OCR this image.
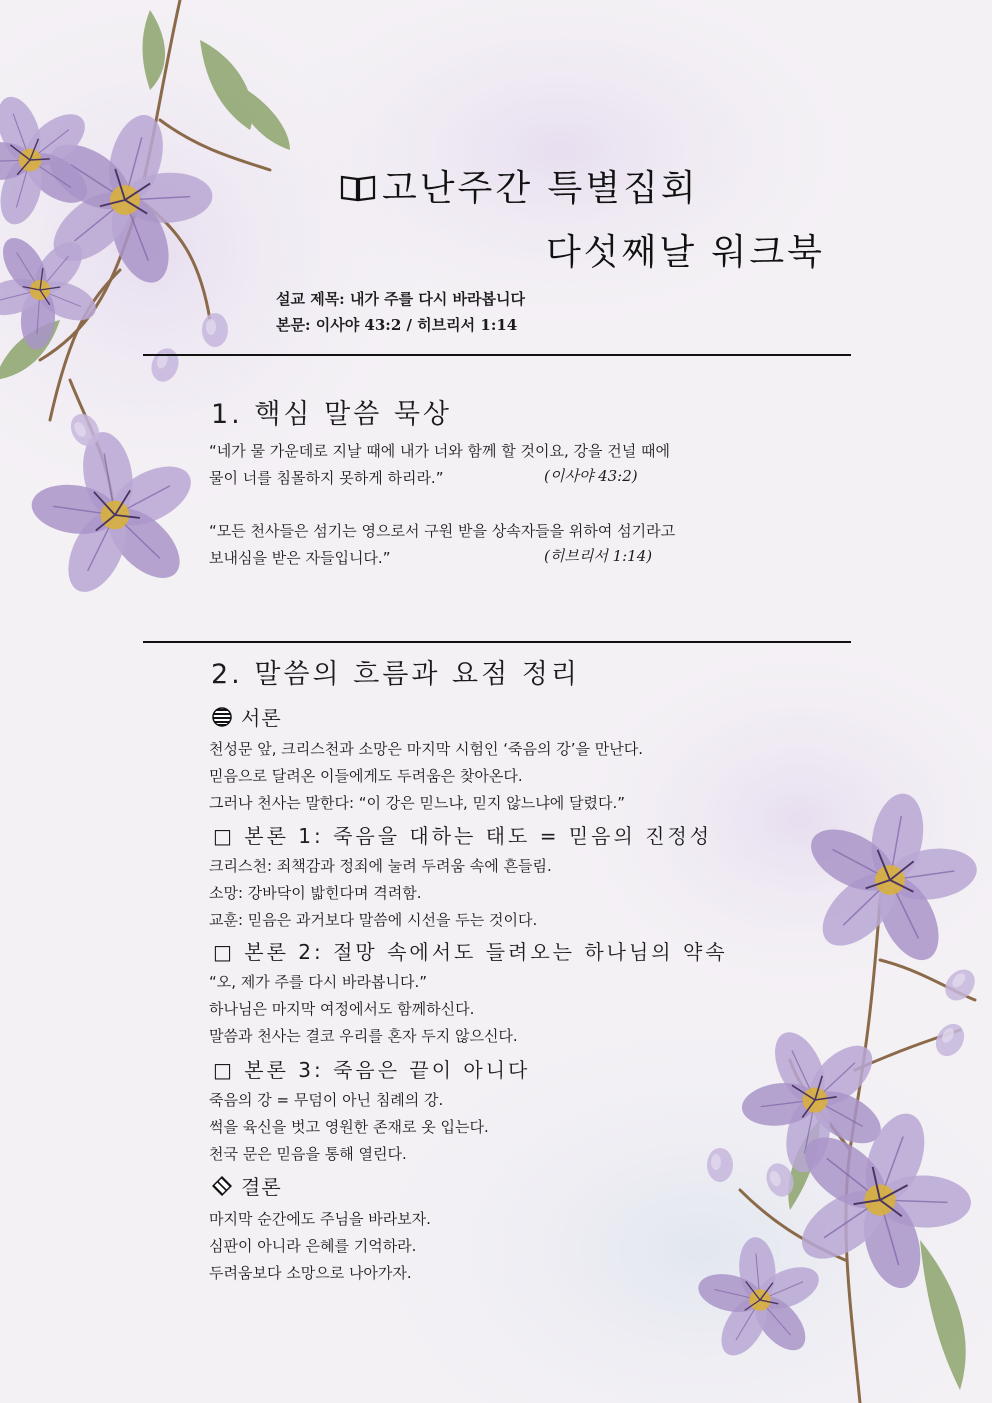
고난주간 특별집회
다섯째날 워크북
설교 제목: 내가 주를 다시 바라봅니다
본문: 이사야 43:2 / 히브리서 1:14
1. 핵심 말씀 묵상
“네가 물 가운데로 지날 때에 내가 너와 함께 할 것이요, 강을 건널 때에
물이 너를 침몰하지 못하게 하리라.”	(이사야 43:2)
“모든 천사들은 섬기는 영으로서 구원 받을 상속자들을 위하여 섬기라고
보내심을 받은 자들입니다.”	(히브리서 1:14)
2. 말씀의 흐름과 요점 정리
서론
천성문 앞, 크리스천과 소망은 마지막 시험인 ‘죽음의 강’을 만난다.
믿음으로 달려온 이들에게도 두려움은 찾아온다.
그러나 천사는 말한다: “이 강은 믿느냐, 믿지 않느냐에 달렸다.”
□ 본론 1: 죽음을 대하는 태도 = 믿음의 진정성
크리스천: 죄책감과 정죄에 눌려 두려움 속에 흔들림.
소망: 강바닥이 밟힌다며 격려함.
교훈: 믿음은 과거보다 말씀에 시선을 두는 것이다.
□ 본론 2: 절망 속에서도 들려오는 하나님의 약속
“오, 제가 주를 다시 바라봅니다.”
하나님은 마지막 여정에서도 함께하신다.
말씀과 천사는 결코 우리를 혼자 두지 않으신다.
□ 본론 3: 죽음은 끝이 아니다
죽음의 강 = 무덤이 아닌 침례의 강.
썩을 육신을 벗고 영원한 존재로 옷 입는다.
천국 문은 믿음을 통해 열린다.
결론
마지막 순간에도 주님을 바라보자.
심판이 아니라 은혜를 기억하라.
두려움보다 소망으로 나아가자.
